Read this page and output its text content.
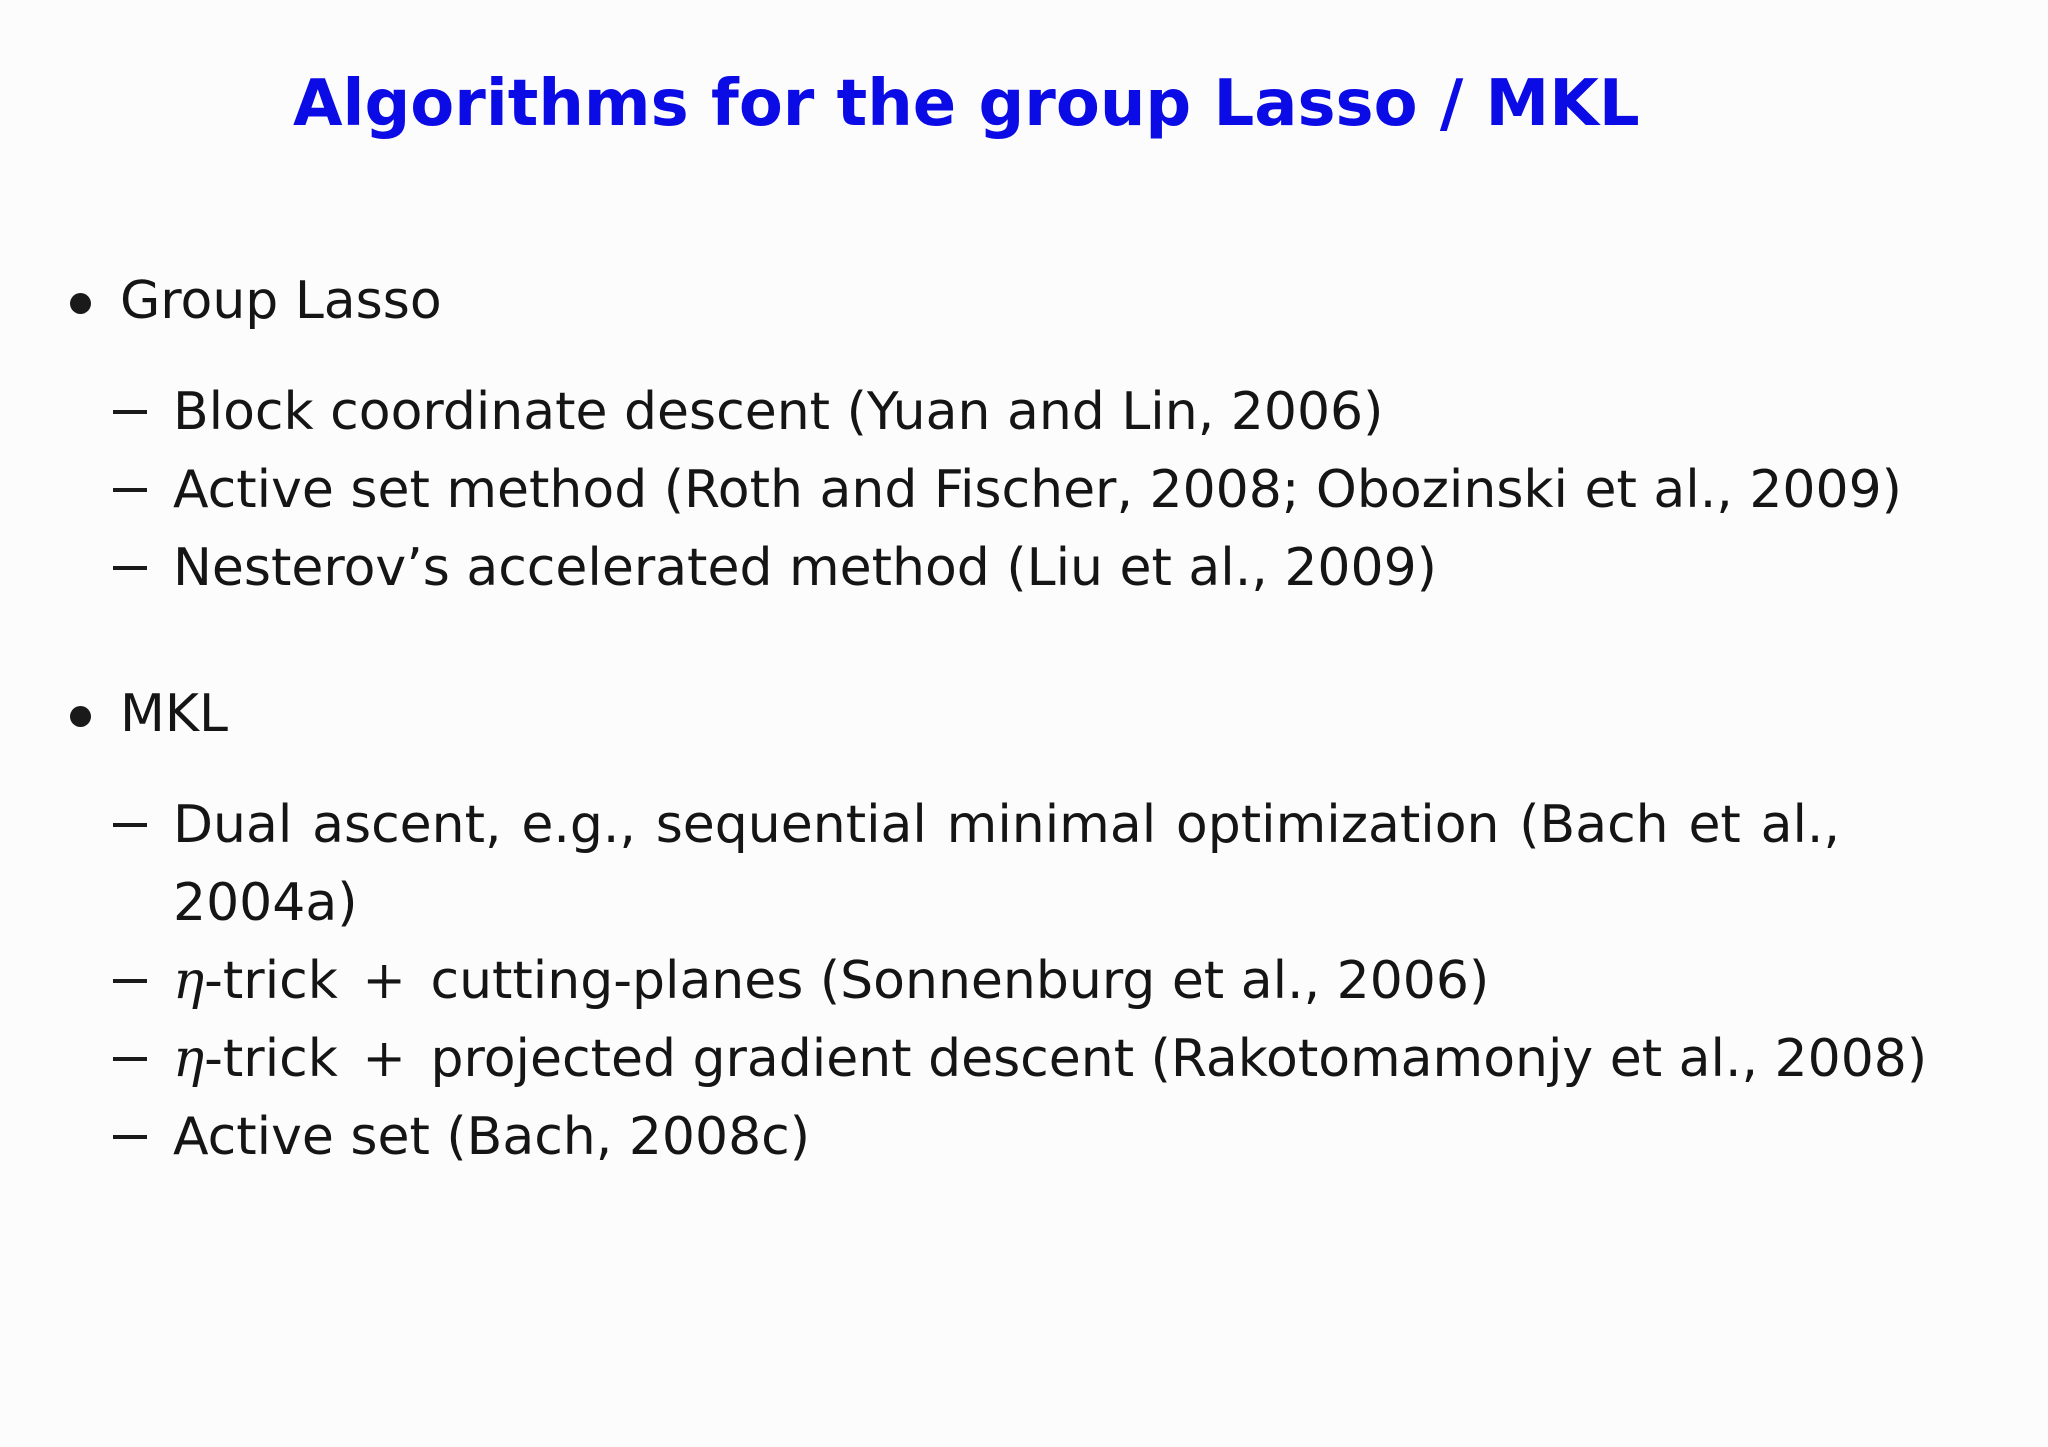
Algorithms for the group Lasso / MKL
Group Lasso
Block coordinate descent (Yuan and Lin, 2006)
Active set method (Roth and Fischer, 2008; Obozinski et al., 2009)
Nesterov’s accelerated method (Liu et al., 2009)
MKL
Dual ascent, e.g., sequential minimal optimization (Bach et al., 2004a)
η-trick + cutting-planes (Sonnenburg et al., 2006)
η-trick + projected gradient descent (Rakotomamonjy et al., 2008)
Active set (Bach, 2008c)
